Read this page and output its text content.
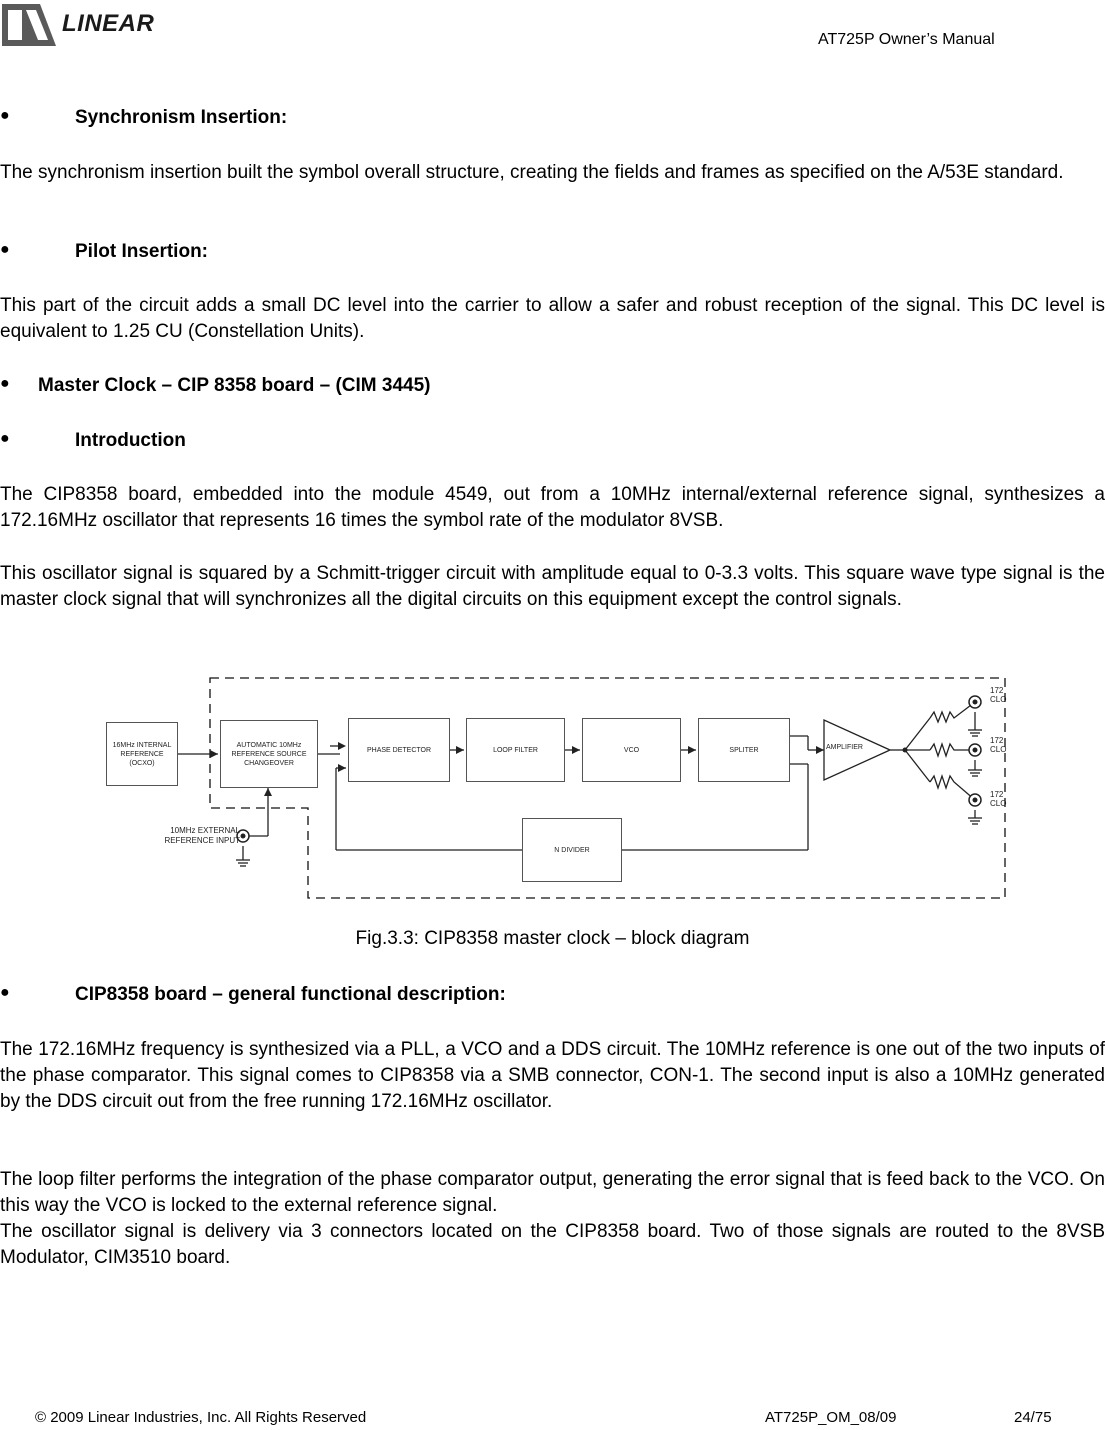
LINEAR
AT725P Owner’s Manual
●	Synchronism Insertion:
The synchronism insertion built the symbol overall structure, creating the fields and frames as specified on the A/53E standard.
●	Pilot Insertion:
This part of the circuit adds a small DC level into the carrier to allow a safer and robust reception of the signal. This DC level is equivalent to 1.25 CU (Constellation Units).
● Master Clock – CIP 8358 board – (CIM 3445)
●	Introduction
The CIP8358 board, embedded into the module 4549, out from a 10MHz internal/external reference signal, synthesizes a 172.16MHz oscillator that represents 16 times the symbol rate of the modulator 8VSB.
This oscillator signal is squared by a Schmitt-trigger circuit with amplitude equal to 0-3.3 volts. This square wave type signal is the master clock signal that will synchronizes all the digital circuits on this equipment except the control signals.
16MHz INTERNAL REFERENCE (OCXO)
AUTOMATIC 10MHz REFERENCE SOURCE CHANGEOVER
PHASE DETECTOR	LOOP FILTER	VCO	SPLITER	AMPLIFIER
N DIVIDER
10MHz EXTERNAL REFERENCE INPUT
172 CLO
172 CLO
172 CLO
Fig.3.3: CIP8358 master clock – block diagram
●	CIP8358 board – general functional description:
The 172.16MHz frequency is synthesized via a PLL, a VCO and a DDS circuit. The 10MHz reference is one out of the two inputs of the phase comparator. This signal comes to CIP8358 via a SMB connector, CON-1. The second input is also a 10MHz generated by the DDS circuit out from the free running 172.16MHz oscillator.
The loop filter performs the integration of the phase comparator output, generating the error signal that is feed back to the VCO. On this way the VCO is locked to the external reference signal.
The oscillator signal is delivery via 3 connectors located on the CIP8358 board. Two of those signals are routed to the 8VSB Modulator, CIM3510 board.
© 2009 Linear Industries, Inc. All Rights Reserved	AT725P_OM_08/09	24/75
